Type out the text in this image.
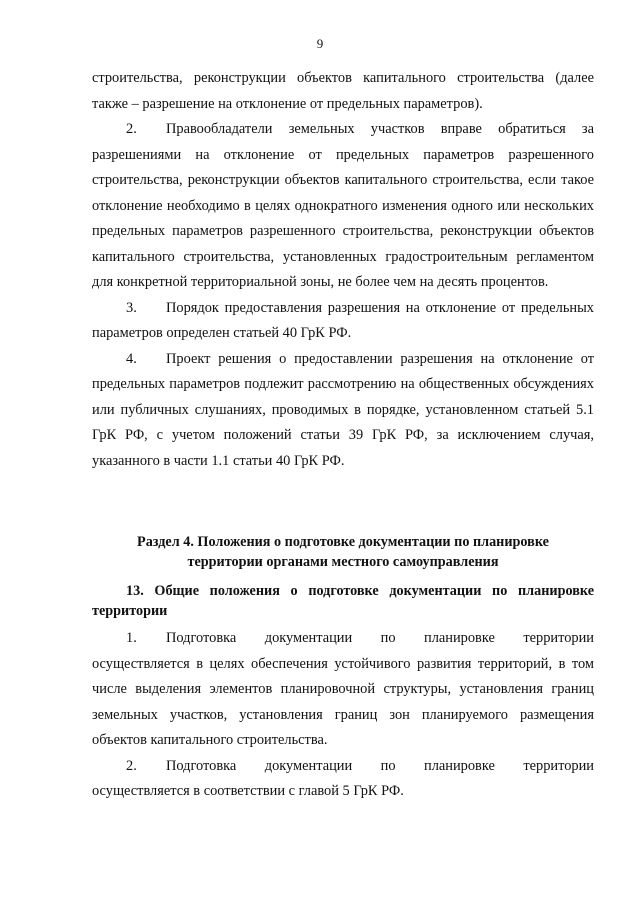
9

строительства, реконструкции объектов капитального строительства (далее также – разрешение на отклонение от предельных параметров).

2. Правообладатели земельных участков вправе обратиться за разрешениями на отклонение от предельных параметров разрешенного строительства, реконструкции объектов капитального строительства, если такое отклонение необходимо в целях однократного изменения одного или нескольких предельных параметров разрешенного строительства, реконструкции объектов капитального строительства, установленных градостроительным регламентом для конкретной территориальной зоны, не более чем на десять процентов.

3. Порядок предоставления разрешения на отклонение от предельных параметров определен статьей 40 ГрК РФ.

4. Проект решения о предоставлении разрешения на отклонение от предельных параметров подлежит рассмотрению на общественных обсуждениях или публичных слушаниях, проводимых в порядке, установленном статьей 5.1 ГрК РФ, с учетом положений статьи 39 ГрК РФ, за исключением случая, указанного в части 1.1 статьи 40 ГрК РФ.

Раздел 4. Положения о подготовке документации по планировке
территории органами местного самоуправления
13. Общие положения о подготовке документации по планировке территории

1. Подготовка документации по планировке территории осуществляется в целях обеспечения устойчивого развития территорий, в том числе выделения элементов планировочной структуры, установления границ земельных участков, установления границ зон планируемого размещения объектов капитального строительства.

2. Подготовка документации по планировке территории осуществляется в соответствии с главой 5 ГрК РФ.
